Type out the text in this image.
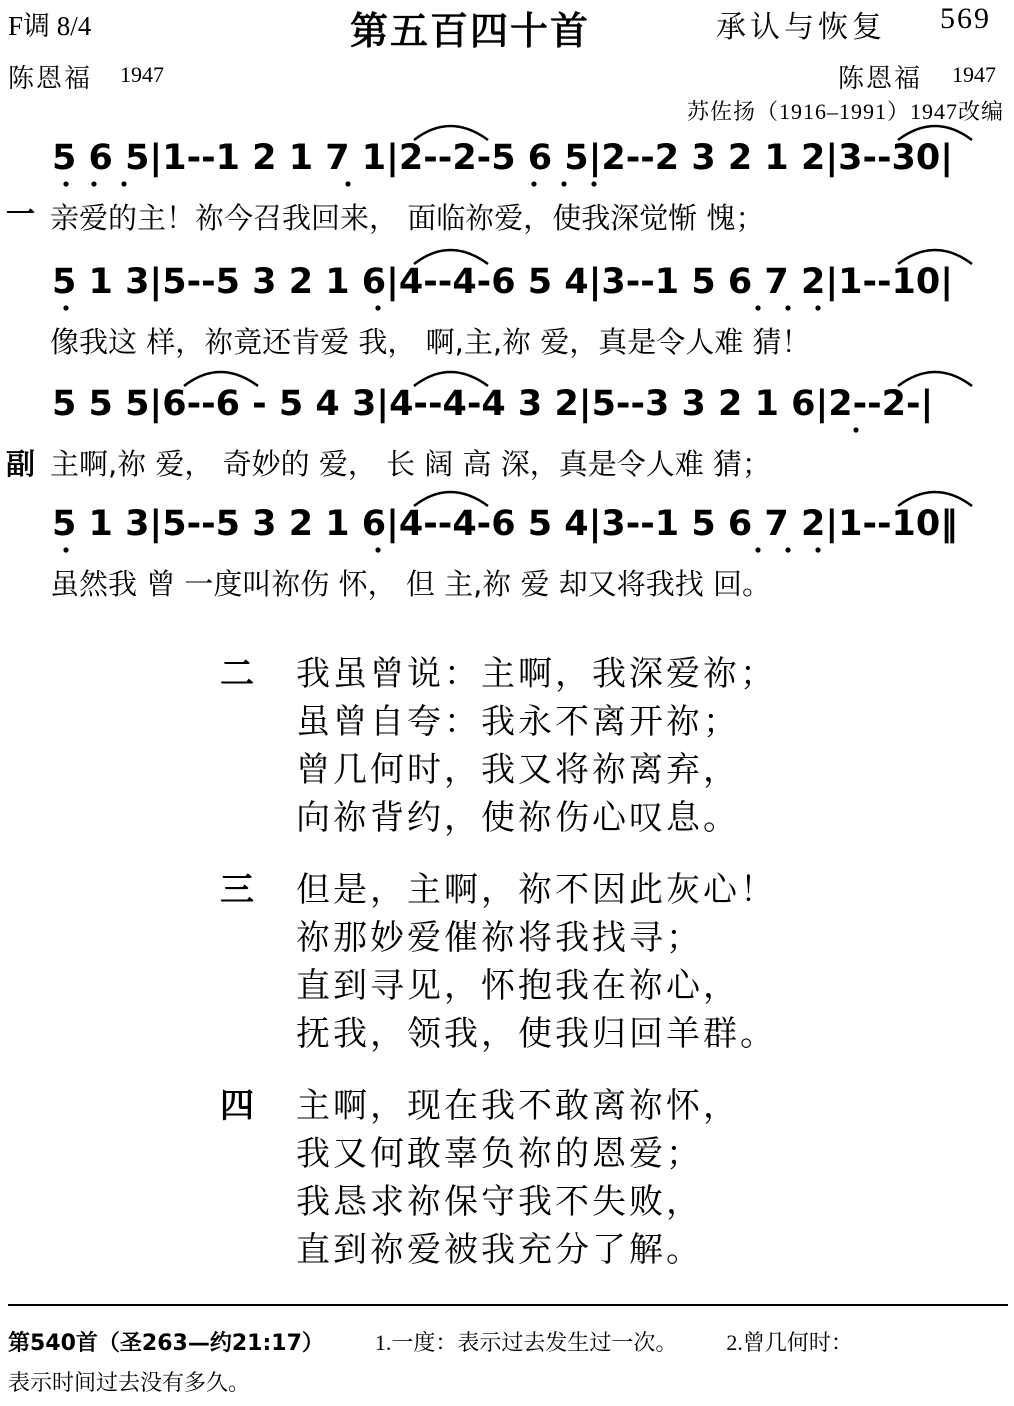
F调 8/4	第五百四十首	承认与恢复 569
陈恩福 1947	陈恩福 1947
苏佐扬（1916–1991）1947改编
一
5 6 5|1--1 2 1 7 1|2--2-5 6 5|2--2 3 2 1 2|3--30|
亲爱的主！祢今召我回来， 面临祢爱，使我深觉惭 愧；
5 1 3|5--5 3 2 1 6|4--4-6 5 4|3--1 5 6 7 2|1--10|
像我这 样，祢竟还肯爱 我， 啊,主,祢 爱，真是令人难 猜！
副
5 5 5|6--6 - 5 4 3|4--4-4 3 2|5--3 3 2 1 6|2--2-|
主啊,祢 爱， 奇妙的 爱， 长 阔 高 深，真是令人难 猜；
5 1 3|5--5 3 2 1 6|4--4-6 5 4|3--1 5 6 7 2|1--10‖
虽然我 曾 一度叫祢伤 怀， 但 主,祢 爱 却又将我找 回。
二 我虽曾说：主啊，我深爱祢；
虽曾自夸：我永不离开祢；
曾几何时，我又将祢离弃，
向祢背约，使祢伤心叹息。
三 但是，主啊，祢不因此灰心！
祢那妙爱催祢将我找寻；
直到寻见，怀抱我在祢心，
抚我，领我，使我归回羊群。
四 主啊，现在我不敢离祢怀，
我又何敢辜负祢的恩爱；
我恳求祢保守我不失败，
直到祢爱被我充分了解。
第540首（圣263—约21:17） 1.一度：表示过去发生过一次。 2.曾几何时：
表示时间过去没有多久。
